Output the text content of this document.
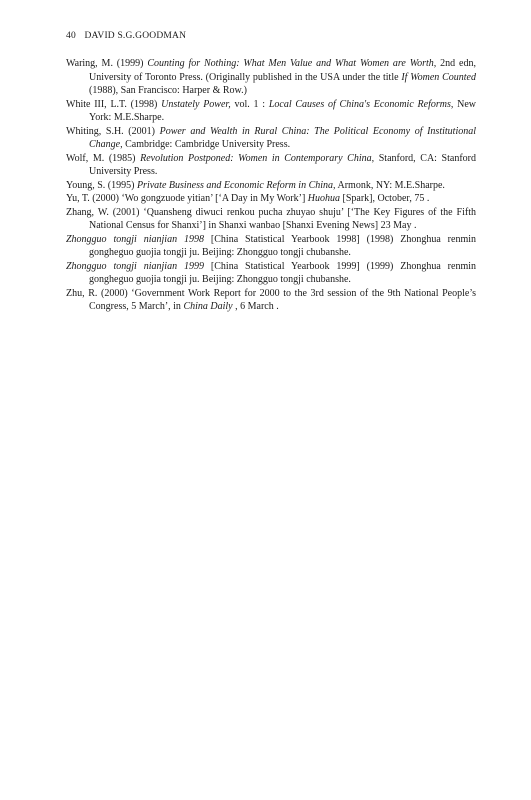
40 DAVID S.G.GOODMAN
Waring, M. (1999) Counting for Nothing: What Men Value and What Women are Worth, 2nd edn, University of Toronto Press. (Originally published in the USA under the title If Women Counted (1988), San Francisco: Harper & Row.)
White III, L.T. (1998) Unstately Power, vol. 1 : Local Causes of China's Economic Reforms, New York: M.E.Sharpe.
Whiting, S.H. (2001) Power and Wealth in Rural China: The Political Economy of Institutional Change, Cambridge: Cambridge University Press.
Wolf, M. (1985) Revolution Postponed: Women in Contemporary China, Stanford, CA: Stanford University Press.
Young, S. (1995) Private Business and Economic Reform in China, Armonk, NY: M.E.Sharpe.
Yu, T. (2000) ‘Wo gongzuode yitian’ [‘A Day in My Work’] Huohua [Spark], October, 75 .
Zhang, W. (2001) ‘Quansheng diwuci renkou pucha zhuyao shuju’ [‘The Key Figures of the Fifth National Census for Shanxi’] in Shanxi wanbao [Shanxi Evening News] 23 May .
Zhongguo tongji nianjian 1998 [China Statistical Yearbook 1998] (1998) Zhonghua renmin gongheguo guojia tongji ju. Beijing: Zhongguo tongji chubanshe.
Zhongguo tongji nianjian 1999 [China Statistical Yearbook 1999] (1999) Zhonghua renmin gongheguo guojia tongji ju. Beijing: Zhongguo tongji chubanshe.
Zhu, R. (2000) ‘Government Work Report for 2000 to the 3rd session of the 9th National People’s Congress, 5 March’, in China Daily , 6 March .
